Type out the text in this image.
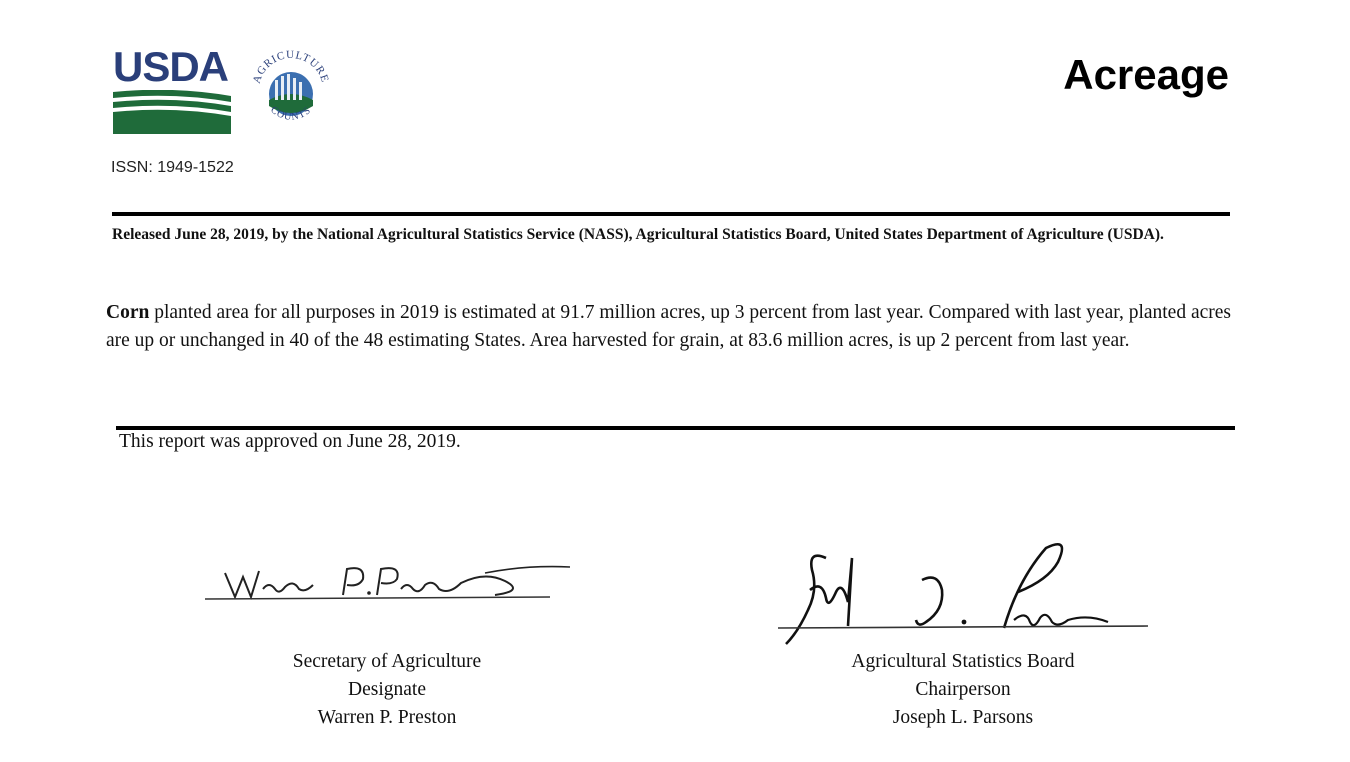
USDA AGRICULTURE
COUNTS
Acreage
ISSN: 1949-1522

Released June 28, 2019, by the National Agricultural Statistics Service (NASS), Agricultural Statistics Board, United States Department of Agriculture (USDA).

Corn planted area for all purposes in 2019 is estimated at 91.7 million acres, up 3 percent from last year. Compared with last year, planted acres are up or unchanged in 40 of the 48 estimating States. Area harvested for grain, at 83.6 million acres, is up 2 percent from last year.

This report was approved on June 28, 2019.
Secretary of Agriculture
Designate
Warren P. Preston
Agricultural Statistics Board
Chairperson
Joseph L. Parsons
